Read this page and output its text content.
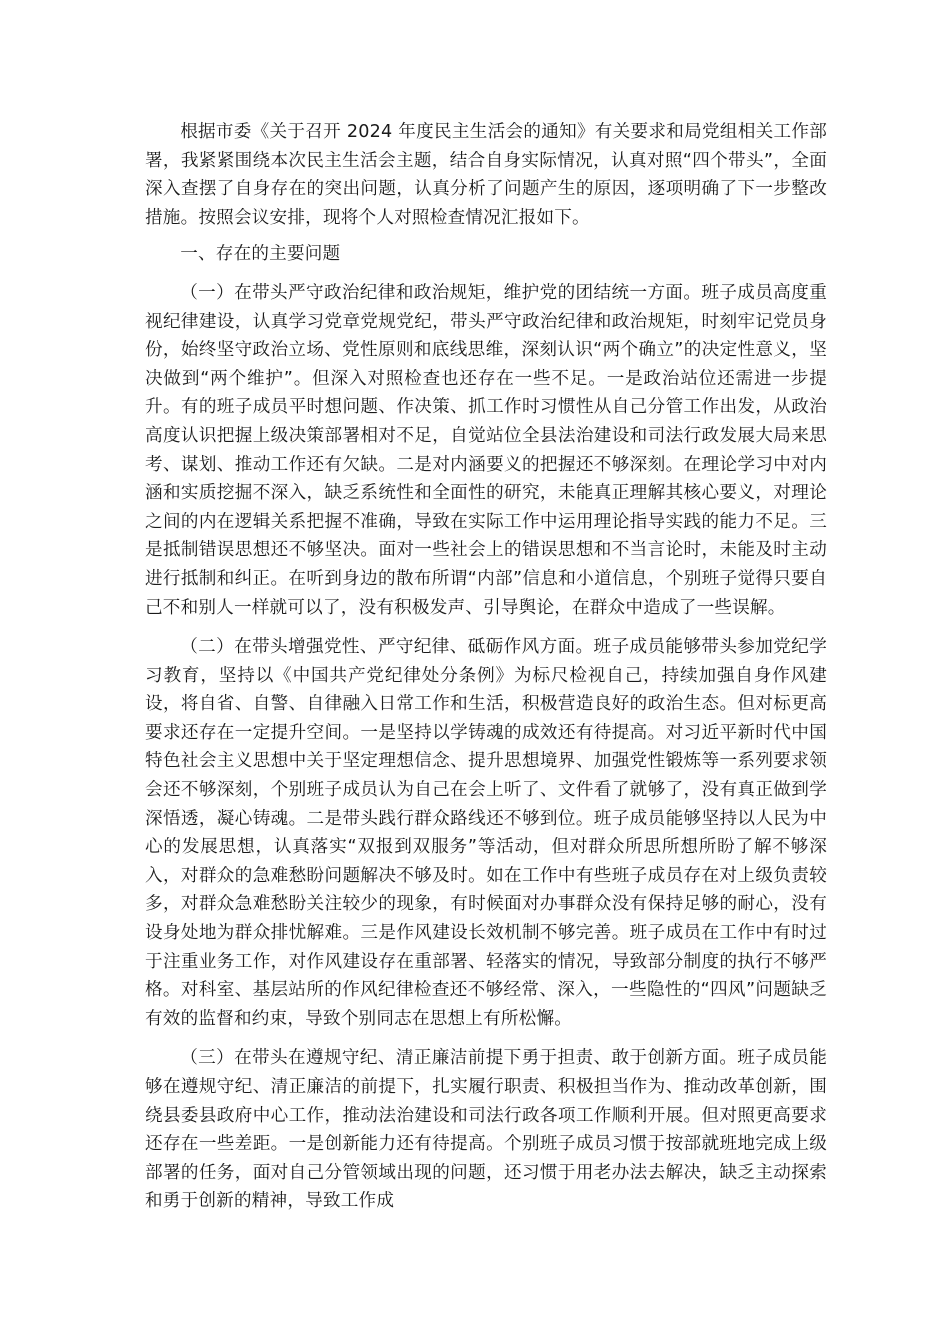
根据市委《关于召开 2024 年度民主生活会的通知》有关要求和局党组相关工作部署，我紧紧围绕本次民主生活会主题，结合自身实际情况，认真对照“四个带头”，全面深入查摆了自身存在的突出问题，认真分析了问题产生的原因，逐项明确了下一步整改措施。按照会议安排，现将个人对照检查情况汇报如下。

一、存在的主要问题

（一）在带头严守政治纪律和政治规矩，维护党的团结统一方面。班子成员高度重视纪律建设，认真学习党章党规党纪，带头严守政治纪律和政治规矩，时刻牢记党员身份，始终坚守政治立场、党性原则和底线思维，深刻认识“两个确立”的决定性意义，坚决做到“两个维护”。但深入对照检查也还存在一些不足。一是政治站位还需进一步提升。有的班子成员平时想问题、作决策、抓工作时习惯性从自己分管工作出发，从政治高度认识把握上级决策部署相对不足，自觉站位全县法治建设和司法行政发展大局来思考、谋划、推动工作还有欠缺。二是对内涵要义的把握还不够深刻。在理论学习中对内涵和实质挖掘不深入，缺乏系统性和全面性的研究，未能真正理解其核心要义，对理论之间的内在逻辑关系把握不准确，导致在实际工作中运用理论指导实践的能力不足。三是抵制错误思想还不够坚决。面对一些社会上的错误思想和不当言论时，未能及时主动进行抵制和纠正。在听到身边的散布所谓“内部”信息和小道信息，个别班子觉得只要自己不和别人一样就可以了，没有积极发声、引导舆论，在群众中造成了一些误解。

（二）在带头增强党性、严守纪律、砥砺作风方面。班子成员能够带头参加党纪学习教育，坚持以《中国共产党纪律处分条例》为标尺检视自己，持续加强自身作风建设，将自省、自警、自律融入日常工作和生活，积极营造良好的政治生态。但对标更高要求还存在一定提升空间。一是坚持以学铸魂的成效还有待提高。对习近平新时代中国特色社会主义思想中关于坚定理想信念、提升思想境界、加强党性锻炼等一系列要求领会还不够深刻，个别班子成员认为自己在会上听了、文件看了就够了，没有真正做到学深悟透，凝心铸魂。二是带头践行群众路线还不够到位。班子成员能够坚持以人民为中心的发展思想，认真落实“双报到双服务”等活动，但对群众所思所想所盼了解不够深入，对群众的急难愁盼问题解决不够及时。如在工作中有些班子成员存在对上级负责较多，对群众急难愁盼关注较少的现象，有时候面对办事群众没有保持足够的耐心，没有设身处地为群众排忧解难。三是作风建设长效机制不够完善。班子成员在工作中有时过于注重业务工作，对作风建设存在重部署、轻落实的情况，导致部分制度的执行不够严格。对科室、基层站所的作风纪律检查还不够经常、深入，一些隐性的“四风”问题缺乏有效的监督和约束，导致个别同志在思想上有所松懈。

（三）在带头在遵规守纪、清正廉洁前提下勇于担责、敢于创新方面。班子成员能够在遵规守纪、清正廉洁的前提下，扎实履行职责、积极担当作为、推动改革创新，围绕县委县政府中心工作，推动法治建设和司法行政各项工作顺利开展。但对照更高要求还存在一些差距。一是创新能力还有待提高。个别班子成员习惯于按部就班地完成上级部署的任务，面对自己分管领域出现的问题，还习惯于用老办法去解决，缺乏主动探索和勇于创新的精神，导致工作成
